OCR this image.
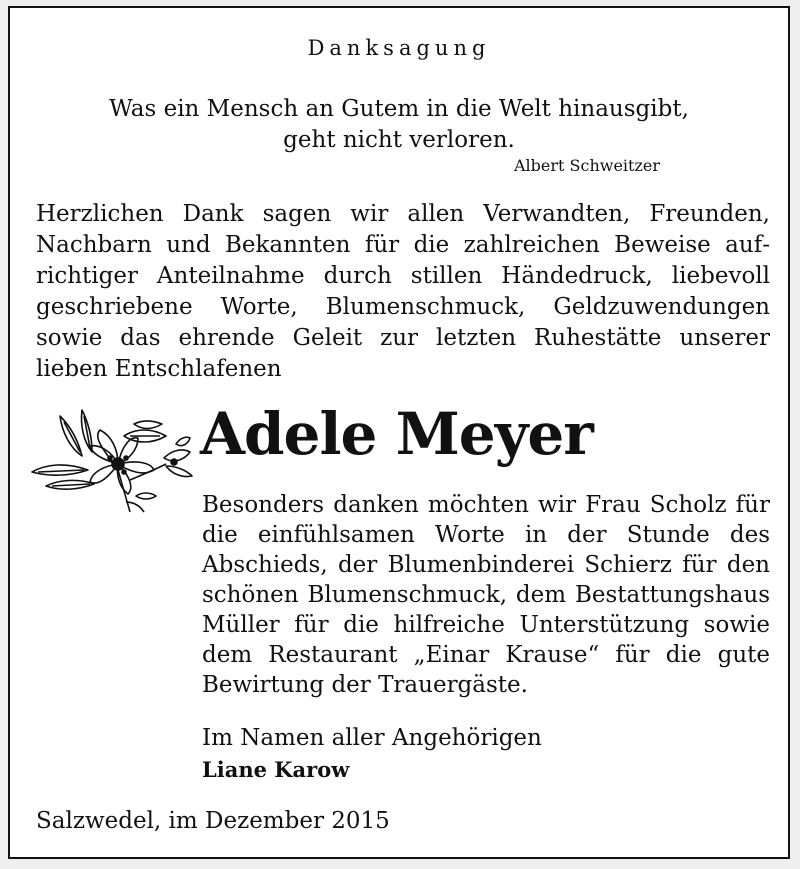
Danksagung
Was ein Mensch an Gutem in die Welt hinausgibt,
geht nicht verloren.
Albert Schweitzer
Herzlichen Dank sagen wir allen Verwandten, Freunden, Nachbarn und Bekannten für die zahlreichen Beweise aufrichtiger Anteilnahme durch stillen Händedruck, liebevoll geschriebene Worte, Blumenschmuck, Geldzuwendungen sowie das ehrende Geleit zur letzten Ruhestätte unserer lieben Entschlafenen
Adele Meyer
Besonders danken möchten wir Frau Scholz für die einfühlsamen Worte in der Stunde des Abschieds, der Blumenbinderei Schierz für den schönen Blumenschmuck, dem Bestattungshaus Müller für die hilfreiche Unterstützung sowie dem Restaurant „Einar Krause“ für die gute Bewirtung der Trauergäste.
Im Namen aller Angehörigen
Liane Karow
Salzwedel, im Dezember 2015
